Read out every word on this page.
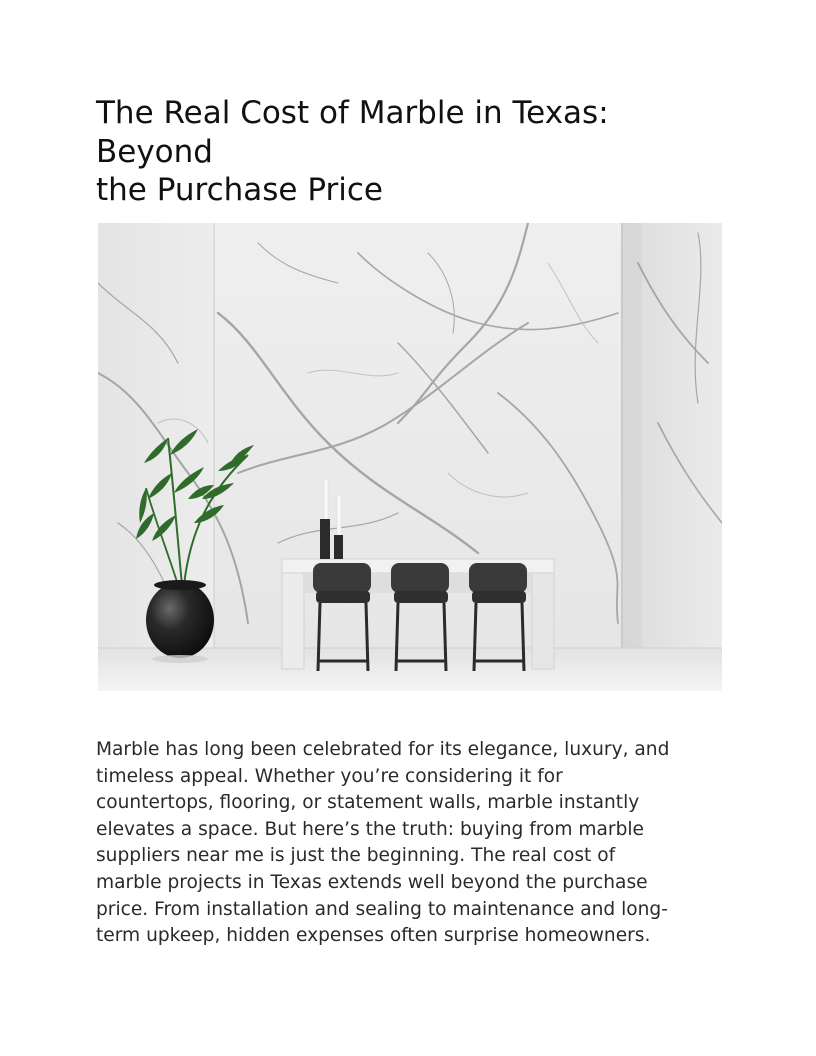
The Real Cost of Marble in Texas:
Beyond
the Purchase Price

Marble has long been celebrated for its elegance, luxury, and
timeless appeal. Whether you’re considering it for
countertops, flooring, or statement walls, marble instantly
elevates a space. But here’s the truth: buying from marble
suppliers near me is just the beginning. The real cost of
marble projects in Texas extends well beyond the purchase
price. From installation and sealing to maintenance and long-
term upkeep, hidden expenses often surprise homeowners.
